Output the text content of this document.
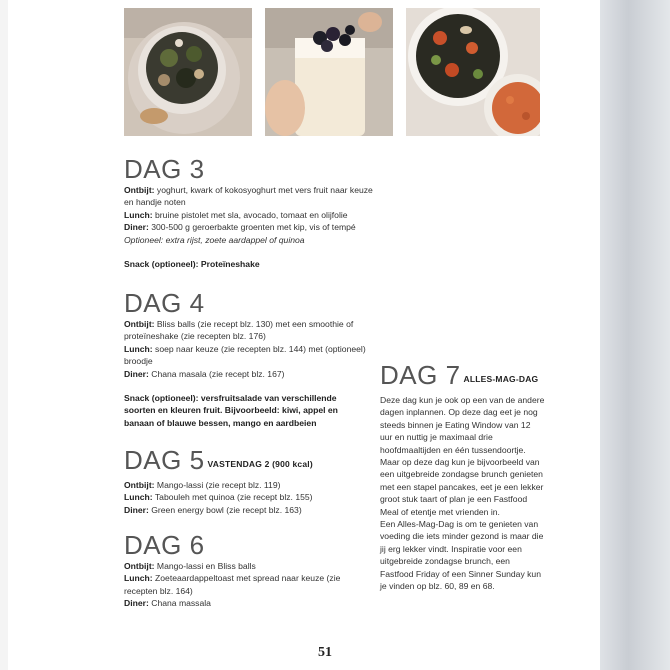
DAG 3

Ontbijt: yoghurt, kwark of kokosyoghurt met vers fruit naar keuze en handje noten

Lunch: bruine pistolet met sla, avocado, tomaat en olijfolie

Diner: 300-500 g geroerbakte groenten met kip, vis of tempé

Optioneel: extra rijst, zoete aardappel of quinoa

Snack (optioneel): Proteïneshake

DAG 4

Ontbijt: Bliss balls (zie recept blz. 130) met een smoothie of proteïneshake (zie recepten blz. 176)

Lunch: soep naar keuze (zie recepten blz. 144) met (optioneel) broodje

Diner: Chana masala (zie recept blz. 167)

Snack (optioneel): versfruitsalade van verschillende soorten en kleuren fruit. Bijvoorbeeld: kiwi, appel en banaan of blauwe bessen, mango en aardbeien

DAG 5 VASTENDAG 2 (900 kcal)

Ontbijt: Mango-lassi (zie recept blz. 119)

Lunch: Tabouleh met quinoa (zie recept blz. 155)

Diner: Green energy bowl (zie recept blz. 163)

DAG 6

Ontbijt: Mango-lassi en Bliss balls

Lunch: Zoeteaardappeltoast met spread naar keuze (zie recepten blz. 164)

Diner: Chana massala

DAG 7 ALLES-MAG-DAG

Deze dag kun je ook op een van de andere dagen inplannen. Op deze dag eet je nog steeds binnen je Eating Window van 12 uur en nuttig je maximaal drie hoofdmaaltijden en één tussendoortje. Maar op deze dag kun je bijvoorbeeld van een uitgebreide zondagse brunch genieten met een stapel pancakes, eet je een lekker groot stuk taart of plan je een Fastfood Meal of etentje met vrienden in.

Een Alles-Mag-Dag is om te genieten van voeding die iets minder gezond is maar die jij erg lekker vindt. Inspiratie voor een uitgebreide zondagse brunch, een Fastfood Friday of een Sinner Sunday kun je vinden op blz. 60, 89 en 68.

51
